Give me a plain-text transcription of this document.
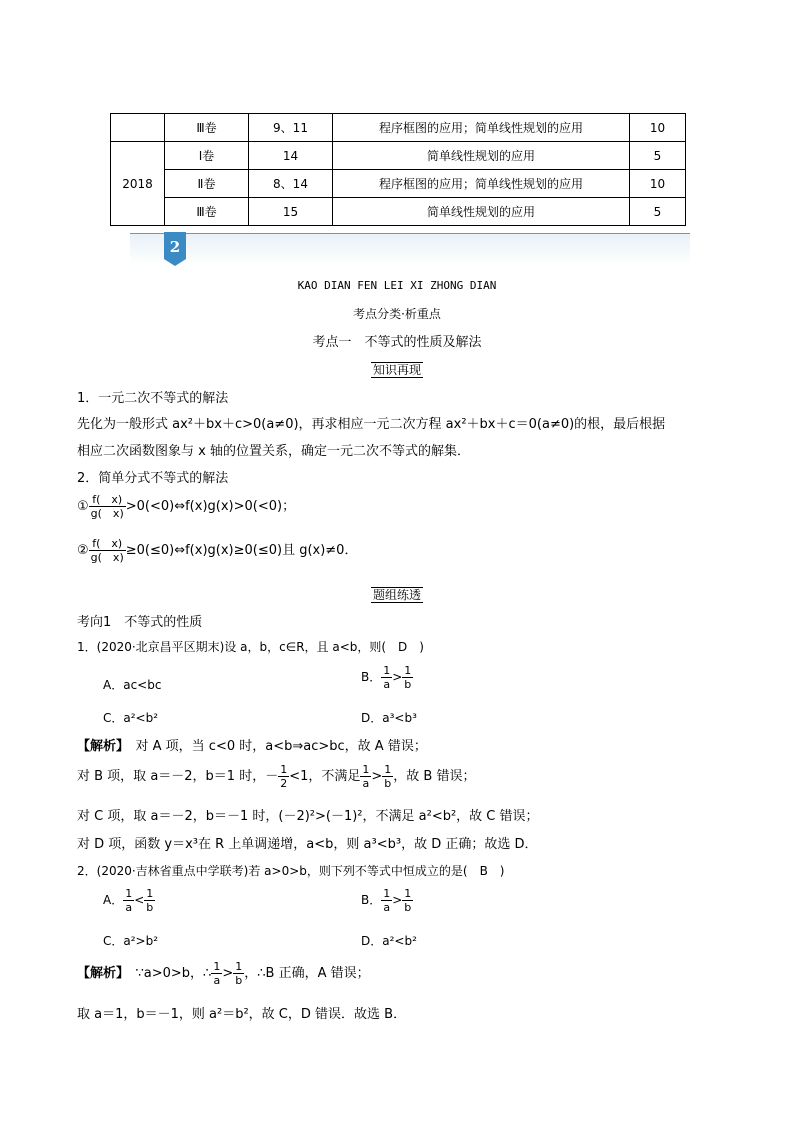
	Ⅲ卷	9、11	程序框图的应用；简单线性规划的应用	10
2018	Ⅰ卷	14	简单线性规划的应用	5
	Ⅱ卷	8、14	程序框图的应用；简单线性规划的应用	10
	Ⅲ卷	15	简单线性规划的应用	5
2
KAO DIAN FEN LEI XI ZHONG DIAN
考点分类·析重点
考点一　不等式的性质及解法
知识再现
1．一元二次不等式的解法
先化为一般形式 ax²＋bx＋c>0(a≠0)，再求相应一元二次方程 ax²＋bx＋c＝0(a≠0)的根，最后根据
相应二次函数图象与 x 轴的位置关系，确定一元二次不等式的解集．
2．简单分式不等式的解法
① $\frac{f( x)}{g( x)}$ >0(<0)⇔f(x)g(x)>0(<0)；
② $\frac{f( x)}{g( x)}$ ≥0(≤0)⇔f(x)g(x)≥0(≤0)且 g(x)≠0．
题组练透
考向1　不等式的性质
1．(2020·北京昌平区期末)设 a，b，c∈R，且 a<b，则(　D　)
A．ac<bc
B． $\frac{1}{a} > \frac{1}{b}$
C．a²<b²	D．a³<b³
【解析】　对 A 项，当 c<0 时，a<b⇒ac>bc，故 A 错误；
对 B 项，取 a＝－2，b＝1 时，－ $\frac{1}{2} <1$，不满足 $\frac{1}{a} > \frac{1}{b}$ ，故 B 错误；
对 C 项，取 a＝－2，b＝－1 时，(－2)²>(－1)²，不满足 a²<b²，故 C 错误；
对 D 项，函数 y＝x³在 R 上单调递增，a<b，则 a³<b³，故 D 正确；故选 D．
2．(2020·吉林省重点中学联考)若 a>0>b，则下列不等式中恒成立的是(　B　)
A． $\frac{1}{a} < \frac{1}{b}$	B． $\frac{1}{a} > \frac{1}{b}$
C．a²>b²	D．a²<b²
【解析】　∵a>0>b，∴ $\frac{1}{a} > \frac{1}{b}$ ，∴B 正确，A 错误；
取 a＝1，b＝－1，则 a²＝b²，故 C，D 错误．故选 B．
